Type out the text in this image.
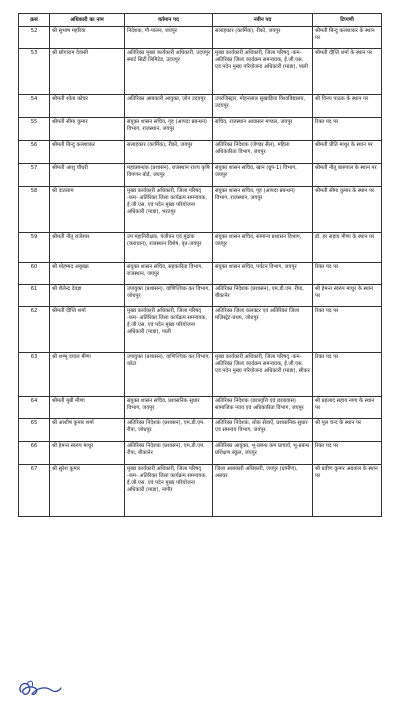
क्रसं	अधिकारी का नाम	वर्तमान पद	नवीन पद	टिप्पणी
52	श्री सुभाष महरिया	निदेशक, गौ-पालन, जयपुर	सलाहकार (कार्मिक), रीको, जयपुर	श्रीमती बिन्दु कलशाकर के स्थान पर
53	श्री छोगाराम देवासी	अतिरिक्त मुख्य कार्यकारी अधिकारी, उदयपुर स्मार्ट सिटी लिमिटेड, उदयपुर	मुख्य कार्यकारी अधिकारी, जिला परिषद् -कम- अतिरिक्त जिला कार्यक्रम समन्वयक, ई.जी.एस. एवं पदेन मुख्य परियोजना अधिकारी (माडा), पाली	श्रीमती दीप्ति शर्मा के स्थान पर
54	श्रीमती श्वेता कोचर	अतिरिक्त आबकारी आयुक्त, ज़ोन उदयपुर	उपरजिस्ट्रार, मोहनलाल सुखाड़िया विश्वविद्यालय, उदयपुर	श्री विनय पाठक के स्थान पर
55	श्रीमती सीमा कुमार	संयुक्त शासन सचिव, गृह (आपदा प्रबन्धन) विभाग, राजस्थान, जयपुर	सचिव, राजस्थान आवासन मण्डल, जयपुर	रिक्त पद पर
56	श्रीमती बिन्दु कलशाकर	सलाहकार (कार्मिक), रीको, जयपुर	अतिरिक्त निदेशक (जेण्डर सैल), महिला अधिकारिता विभाग, जयपुर	श्रीमती प्रीति माथुर के स्थान पर
57	श्रीमती आशु चौधरी	महाप्रबन्धक (प्रशासन), राजस्थान राज्य कृषि विपणन बोर्ड, जयपुर	संयुक्त शासन सचिव, खान (ग्रुप-1) विभाग, जयपुर	श्रीमती नीतू बारुपाल के स्थान पर
58	श्री दाताराम	मुख्य कार्यकारी अधिकारी, जिला परिषद् -कम- अतिरिक्त जिला कार्यक्रम समन्वयक, ई.जी.एस. एवं पदेन मुख्य परियोजना अधिकारी (माडा), भरतपुर	संयुक्त शासन सचिव, गृह (आपदा प्रबन्धन) विभाग, राजस्थान, जयपुर	श्रीमती सीमा कुमार के स्थान पर
59	श्रीमती नीतू राजेश्वर	उप महानिरीक्षक, पंजीयन एवं मुद्रांक (कराधान), राजस्थान विशेष, वृत-जयपुर	संयुक्त शासन सचिव, सामान्य प्रशासन विभाग, जयपुर	डॉ. हर सहाय मीणा के स्थान पर
60	श्री मोहम्मद अबूबक्र	संयुक्त शासन सचिव, सहकारिता विभाग, राजस्थान, जयपुर	संयुक्त शासन सचिव, पर्यटन विभाग, जयपुर	रिक्त पद पर
61	श्री शैलेन्द्र देवड़ा	उपायुक्त (प्रशासन), वाणिज्यिक कर विभाग, जोधपुर	अतिरिक्त निदेशक (प्रशासन), एम.डी.एम. रीपा, बीकानेर	श्री हेमन्त स्वरुप माथुर के स्थान पर
62	श्रीमती दीप्ति शर्मा	मुख्य कार्यकारी अधिकारी, जिला परिषद् -कम- अतिरिक्त जिला कार्यक्रम समन्वयक, ई.जी.एस. एवं पदेन मुख्य परियोजना अधिकारी (माडा), पाली	अतिरिक्त जिला कलक्टर एवं अतिरिक्त जिला मजिस्ट्रेट-प्रथम, जोधपुर	रिक्त पद पर
63	श्री शम्भू दयाल मीणा	उपायुक्त (प्रशासन), वाणिज्यिक कर विभाग, कोटा	मुख्य कार्यकारी अधिकारी, जिला परिषद् -कम- अतिरिक्त जिला कार्यक्रम समन्वयक, ई.जी.एस. एवं पदेन मुख्य परियोजना अधिकारी (माडा), सीकर	रिक्त पद पर
64	श्रीमती मुन्नी मीणा	संयुक्त शासन सचिव, प्रशासनिक सुधार विभाग, जयपुर	अतिरिक्त निदेशक (छात्रवृत्ति एवं छात्रावास) सामाजिक न्याय एवं अधिकारिता विभाग, जयपुर	श्री प्रहलाद सहाय नागा के स्थान पर
65	श्री आशीष कुमार शर्मा	अतिरिक्त निदेशक (प्रशासन), एम.डी.एम. रीपा, जोधपुर	अतिरिक्त निदेशक, लोक सेवाऐं, प्रशासनिक सुधार एवं समन्वय विभाग, जयपुर	श्री मूल चन्द के स्थान पर
66	श्री हेमन्त स्वरुप माथुर	अतिरिक्त निदेशक (प्रशासन), एम.डी.एम. रीपा, बीकानेर	अतिरिक्त आयुक्त, भू-प्रबन्ध कम प्राचार्य, भू-प्रबन्ध प्रशिक्षण स्कूल, जयपुर	रिक्त पद पर
67	श्री सुरेश कुमार	मुख्य कार्यकारी अधिकारी, जिला परिषद् -कम- अतिरिक्त जिला कार्यक्रम समन्वयक, ई.जी.एस. एवं पदेन मुख्य परियोजना अधिकारी (माडा), नागौर	जिला आबकारी अधिकारी, जयपुर (ग्रामीण), अलवर	श्री प्रवीण कुमार अग्रवाल के स्थान पर
